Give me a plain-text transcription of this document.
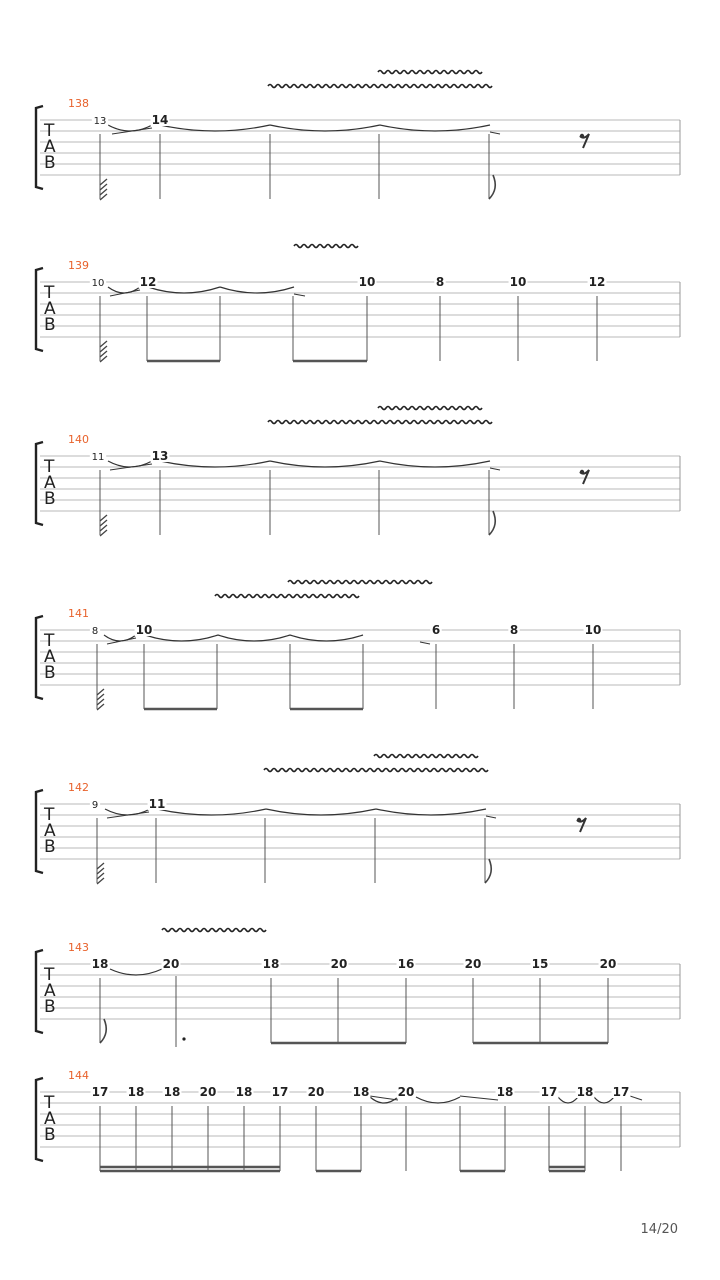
138
T
A
B
13	14
139
T
A
B
10	12	10	8	10	12
140
T
A
B
11	13
141
T
A
B
8	10	6	8	10
142
T
A
B
9	11
143
T
A
B
18	20	18	20	16	20	15	20
144
T
A
B
17 18 18 20 18 17 20 18 20	18 17 18 17
14/20
